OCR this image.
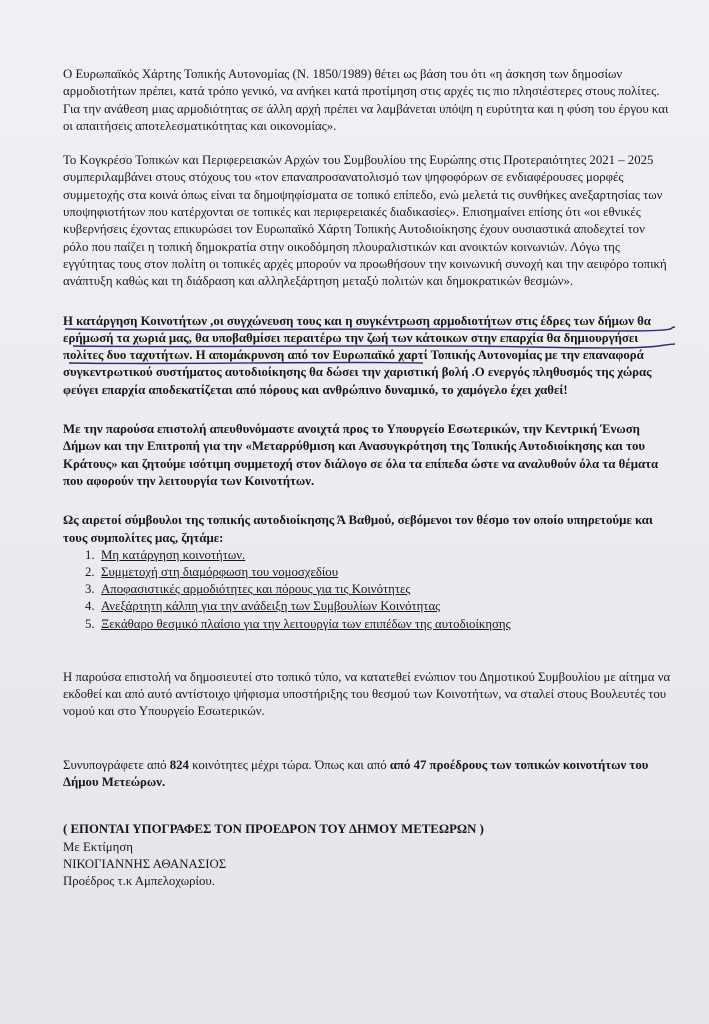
Ο Ευρωπαϊκός Χάρτης Τοπικής Αυτονομίας (Ν. 1850/1989) θέτει ως βάση του ότι «η άσκηση των δημοσίων αρμοδιοτήτων πρέπει, κατά τρόπο γενικό, να ανήκει κατά προτίμηση στις αρχές τις πιο πλησιέστερες στους πολίτες. Για την ανάθεση μιας αρμοδιότητας σε άλλη αρχή πρέπει να λαμβάνεται υπόψη η ευρύτητα και η φύση του έργου και οι απαιτήσεις αποτελεσματικότητας και οικονομίας».

Το Κογκρέσο Τοπικών και Περιφερειακών Αρχών του Συμβουλίου της Ευρώπης στις Προτεραιότητες 2021 – 2025 συμπεριλαμβάνει στους στόχους του «τον επαναπροσανατολισμό των ψηφοφόρων σε ενδιαφέρουσες μορφές συμμετοχής στα κοινά όπως είναι τα δημοψηφίσματα σε τοπικό επίπεδο, ενώ μελετά τις συνθήκες ανεξαρτησίας των υποψηφιοτήτων που κατέρχονται σε τοπικές και περιφερειακές διαδικασίες». Επισημαίνει επίσης ότι «οι εθνικές κυβερνήσεις έχοντας επικυρώσει τον Ευρωπαϊκό Χάρτη Τοπικής Αυτοδιοίκησης έχουν ουσιαστικά αποδεχτεί τον ρόλο που παίζει η τοπική δημοκρατία στην οικοδόμηση πλουραλιστικών και ανοικτών κοινωνιών. Λόγω της εγγύτητας τους στον πολίτη οι τοπικές αρχές μπορούν να προωθήσουν την κοινωνική συνοχή και την αειφόρο τοπική ανάπτυξη καθώς και τη διάδραση και αλληλεξάρτηση μεταξύ πολιτών και δημοκρατικών θεσμών».

Η κατάργηση Κοινοτήτων ,οι συγχώνευση τους και η συγκέντρωση αρμοδιοτήτων στις έδρες των δήμων θα ερήμωσή τα χωριά μας, θα υποβαθμίσει περαιτέρω την ζωή των κάτοικων στην επαρχία θα δημιουργήσει πολίτες δυο ταχυτήτων. Η απομάκρυνση από τον Ευρωπαϊκό χαρτί Τοπικής Αυτονομίας με την επαναφορά συγκεντρωτικού συστήματος αυτοδιοίκησης θα δώσει την χαριστική βολή .Ο ενεργός πληθυσμός της χώρας φεύγει επαρχία αποδεκατίζεται από πόρους και ανθρώπινο δυναμικό, το χαμόγελο έχει χαθεί!

Με την παρούσα επιστολή απευθυνόμαστε ανοιχτά προς το Υπουργείο Εσωτερικών, την Κεντρική Ένωση Δήμων και την Επιτροπή για την «Μεταρρύθμιση και Ανασυγκρότηση της Τοπικής Αυτοδιοίκησης και του Κράτους» και ζητούμε ισότιμη συμμετοχή στον διάλογο σε όλα τα επίπεδα ώστε να αναλυθούν όλα τα θέματα που αφορούν την λειτουργία των Κοινοτήτων.

Ως αιρετοί σύμβουλοι της τοπικής αυτοδιοίκησης Ά Βαθμού, σεβόμενοι τον θέσμο τον οποίο υπηρετούμε και τους συμπολίτες μας, ζητάμε:

1. Μη κατάργηση κοινοτήτων.
2. Συμμετοχή στη διαμόρφωση του νομοσχεδίου
3. Αποφασιστικές αρμοδιότητες και πόρους για τις Κοινότητες
4. Ανεξάρτητη κάλπη για την ανάδειξη των Συμβουλίων Κοινότητας
5. Ξεκάθαρο θεσμικό πλαίσιο για την λειτουργία των επιπέδων της αυτοδιοίκησης

Η παρούσα επιστολή να δημοσιευτεί στο τοπικό τύπο, να κατατεθεί ενώπιον του Δημοτικού Συμβουλίου με αίτημα να εκδοθεί και από αυτό αντίστοιχο ψήφισμα υποστήριξης του θεσμού των Κοινοτήτων, να σταλεί στους Βουλευτές του νομού και στο Υπουργείο Εσωτερικών.

Συνυπογράφετε από 824 κοινότητες μέχρι τώρα. Όπως και από από 47 προέδρους των τοπικών κοινοτήτων του Δήμου Μετεώρων.

( ΕΠΟΝΤΑΙ ΥΠΟΓΡΑΦΕΣ ΤΟΝ ΠΡΟΕΔΡΟΝ ΤΟΥ ΔΗΜΟΥ ΜΕΤΕΩΡΩΝ )

Με Εκτίμηση

ΝΙΚΟΓΙΑΝΝΗΣ ΑΘΑΝΑΣΙΟΣ

Προέδρος τ.κ Αμπελοχωρίου.
